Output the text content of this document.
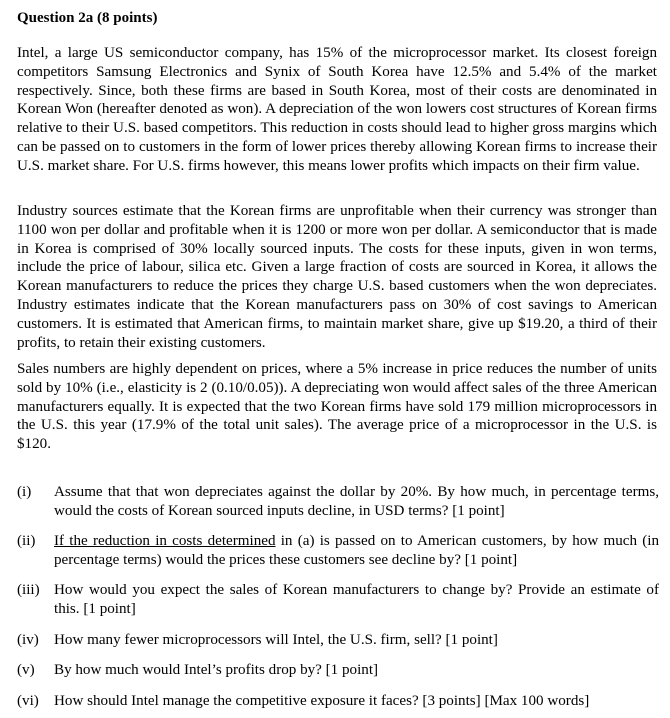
Question 2a (8 points)

Intel, a large US semiconductor company, has 15% of the microprocessor market. Its closest foreign competitors Samsung Electronics and Synix of South Korea have 12.5% and 5.4% of the market respectively. Since, both these firms are based in South Korea, most of their costs are denominated in Korean Won (hereafter denoted as won). A depreciation of the won lowers cost structures of Korean firms relative to their U.S. based competitors. This reduction in costs should lead to higher gross margins which can be passed on to customers in the form of lower prices thereby allowing Korean firms to increase their U.S. market share. For U.S. firms however, this means lower profits which impacts on their firm value.

Industry sources estimate that the Korean firms are unprofitable when their currency was stronger than 1100 won per dollar and profitable when it is 1200 or more won per dollar. A semiconductor that is made in Korea is comprised of 30% locally sourced inputs. The costs for these inputs, given in won terms, include the price of labour, silica etc. Given a large fraction of costs are sourced in Korea, it allows the Korean manufacturers to reduce the prices they charge U.S. based customers when the won depreciates. Industry estimates indicate that the Korean manufacturers pass on 30% of cost savings to American customers. It is estimated that American firms, to maintain market share, give up $19.20, a third of their profits, to retain their existing customers.

Sales numbers are highly dependent on prices, where a 5% increase in price reduces the number of units sold by 10% (i.e., elasticity is 2 (0.10/0.05)). A depreciating won would affect sales of the three American manufacturers equally. It is expected that the two Korean firms have sold 179 million microprocessors in the U.S. this year (17.9% of the total unit sales). The average price of a microprocessor in the U.S. is $120.

(i) Assume that that won depreciates against the dollar by 20%. By how much, in percentage terms, would the costs of Korean sourced inputs decline, in USD terms? [1 point]
(ii) If the reduction in costs determined in (a) is passed on to American customers, by how much (in percentage terms) would the prices these customers see decline by? [1 point]
(iii) How would you expect the sales of Korean manufacturers to change by? Provide an estimate of this. [1 point]
(iv) How many fewer microprocessors will Intel, the U.S. firm, sell? [1 point]
(v) By how much would Intel’s profits drop by? [1 point]
(vi) How should Intel manage the competitive exposure it faces? [3 points] [Max 100 words]
